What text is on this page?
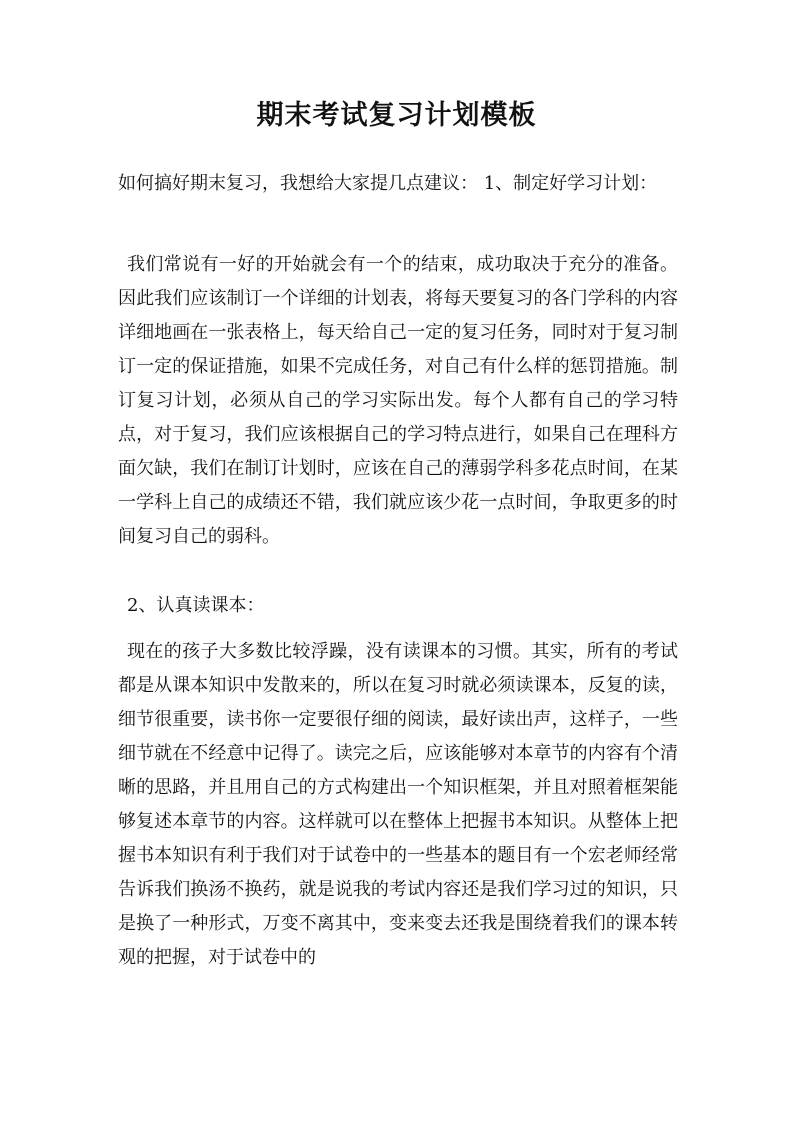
期末考试复习计划模板

如何搞好期末复习，我想给大家提几点建议： 1、制定好学习计划：

我们常说有一好的开始就会有一个的结束，成功取决于充分的准备。因此我们应该制订一个详细的计划表，将每天要复习的各门学科的内容详细地画在一张表格上，每天给自己一定的复习任务，同时对于复习制订一定的保证措施，如果不完成任务，对自己有什么样的惩罚措施。制订复习计划，必须从自己的学习实际出发。每个人都有自己的学习特点，对于复习，我们应该根据自己的学习特点进行，如果自己在理科方面欠缺，我们在制订计划时，应该在自己的薄弱学科多花点时间，在某一学科上自己的成绩还不错，我们就应该少花一点时间，争取更多的时间复习自己的弱科。

2、认真读课本：

现在的孩子大多数比较浮躁，没有读课本的习惯。其实，所有的考试都是从课本知识中发散来的，所以在复习时就必须读课本，反复的读，细节很重要，读书你一定要很仔细的阅读，最好读出声，这样子，一些细节就在不经意中记得了。读完之后，应该能够对本章节的内容有个清晰的思路，并且用自己的方式构建出一个知识框架，并且对照着框架能够复述本章节的内容。这样就可以在整体上把握书本知识。从整体上把握书本知识有利于我们对于试卷中的一些基本的题目有一个宏老师经常告诉我们换汤不换药，就是说我的考试内容还是我们学习过的知识，只是换了一种形式，万变不离其中，变来变去还我是围绕着我们的课本转观的把握，对于试卷中的
